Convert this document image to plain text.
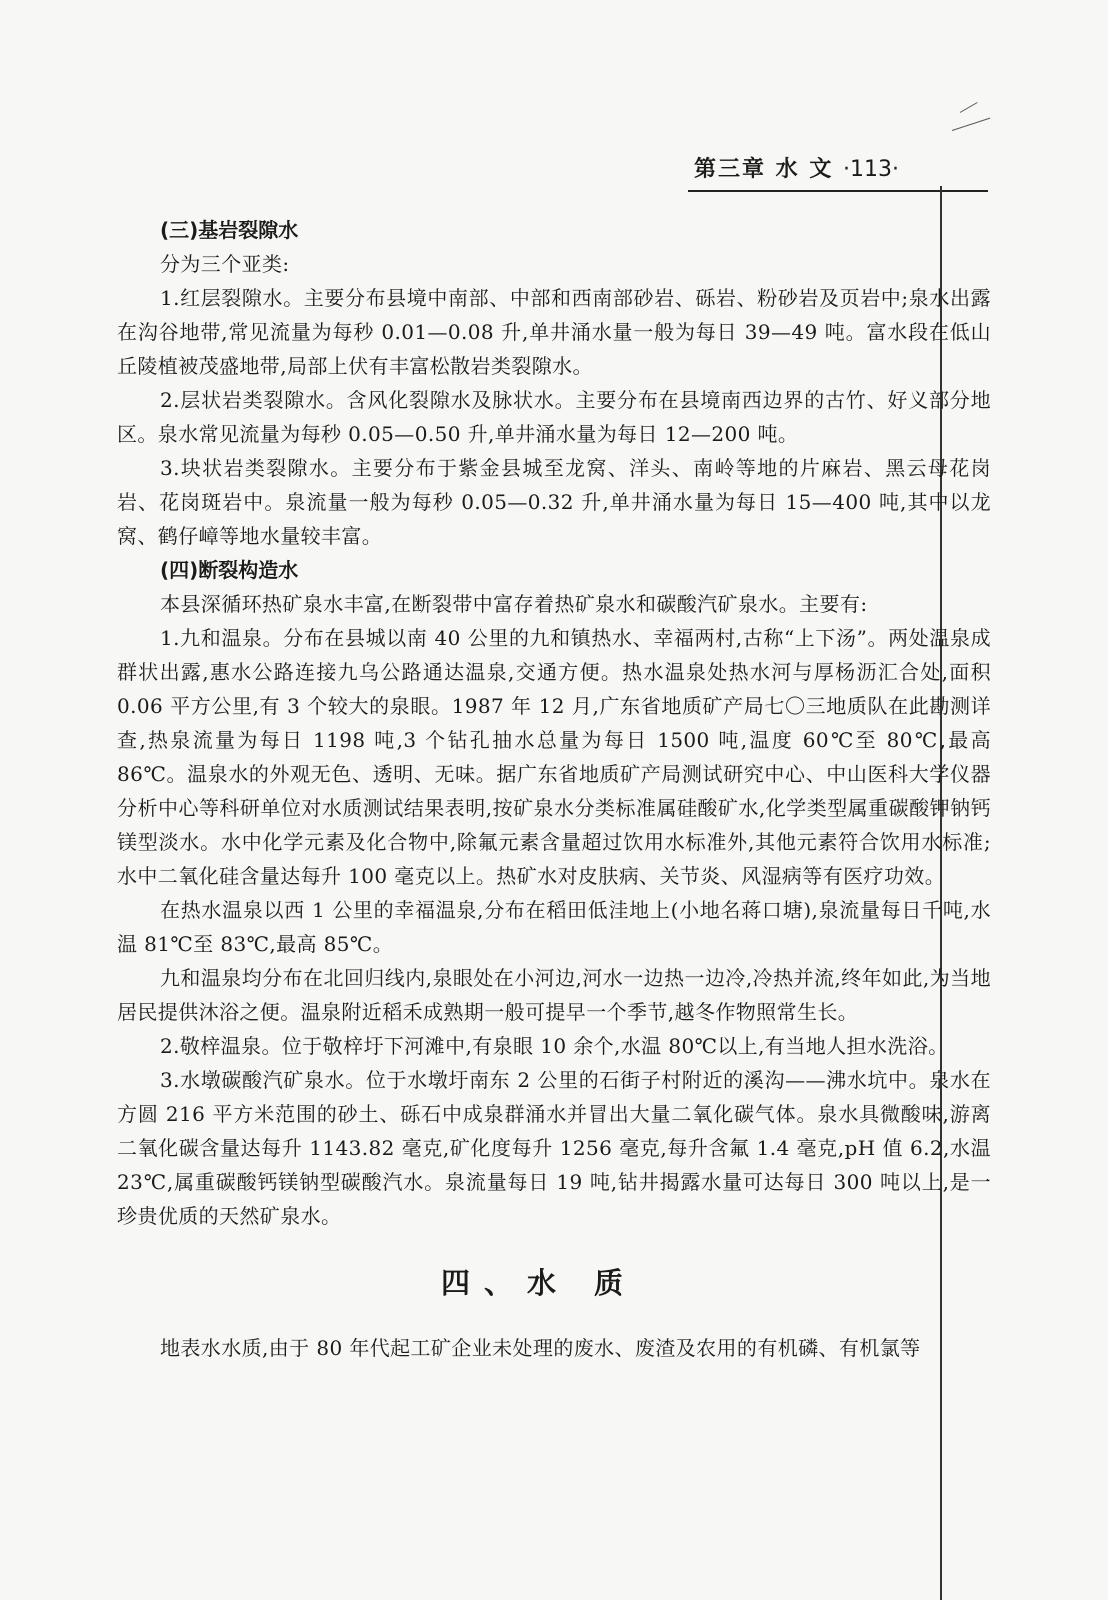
第三章 水 文 ·113·
(三)基岩裂隙水

分为三个亚类:

1.红层裂隙水。主要分布县境中南部、中部和西南部砂岩、砾岩、粉砂岩及页岩中;泉水出露在沟谷地带,常见流量为每秒 0.01—0.08 升,单井涌水量一般为每日 39—49 吨。富水段在低山丘陵植被茂盛地带,局部上伏有丰富松散岩类裂隙水。

2.层状岩类裂隙水。含风化裂隙水及脉状水。主要分布在县境南西边界的古竹、好义部分地区。泉水常见流量为每秒 0.05—0.50 升,单井涌水量为每日 12—200 吨。

3.块状岩类裂隙水。主要分布于紫金县城至龙窝、洋头、南岭等地的片麻岩、黑云母花岗岩、花岗斑岩中。泉流量一般为每秒 0.05—0.32 升,单井涌水量为每日 15—400 吨,其中以龙窝、鹤仔嶂等地水量较丰富。

(四)断裂构造水

本县深循环热矿泉水丰富,在断裂带中富存着热矿泉水和碳酸汽矿泉水。主要有:

1.九和温泉。分布在县城以南 40 公里的九和镇热水、幸福两村,古称“上下汤”。两处温泉成群状出露,惠水公路连接九乌公路通达温泉,交通方便。热水温泉处热水河与厚杨沥汇合处,面积 0.06 平方公里,有 3 个较大的泉眼。1987 年 12 月,广东省地质矿产局七〇三地质队在此勘测详查,热泉流量为每日 1198 吨,3 个钻孔抽水总量为每日 1500 吨,温度 60℃至 80℃,最高 86℃。温泉水的外观无色、透明、无味。据广东省地质矿产局测试研究中心、中山医科大学仪器分析中心等科研单位对水质测试结果表明,按矿泉水分类标准属硅酸矿水,化学类型属重碳酸钾钠钙镁型淡水。水中化学元素及化合物中,除氟元素含量超过饮用水标准外,其他元素符合饮用水标准;水中二氧化硅含量达每升 100 毫克以上。热矿水对皮肤病、关节炎、风湿病等有医疗功效。

在热水温泉以西 1 公里的幸福温泉,分布在稻田低洼地上(小地名蒋口塘),泉流量每日千吨,水温 81℃至 83℃,最高 85℃。

九和温泉均分布在北回归线内,泉眼处在小河边,河水一边热一边冷,冷热并流,终年如此,为当地居民提供沐浴之便。温泉附近稻禾成熟期一般可提早一个季节,越冬作物照常生长。

2.敬梓温泉。位于敬梓圩下河滩中,有泉眼 10 余个,水温 80℃以上,有当地人担水洗浴。

3.水墩碳酸汽矿泉水。位于水墩圩南东 2 公里的石街子村附近的溪沟——沸水坑中。泉水在方圆 216 平方米范围的砂土、砾石中成泉群涌水并冒出大量二氧化碳气体。泉水具微酸味,游离二氧化碳含量达每升 1143.82 毫克,矿化度每升 1256 毫克,每升含氟 1.4 毫克,pH 值 6.2,水温 23℃,属重碳酸钙镁钠型碳酸汽水。泉流量每日 19 吨,钻井揭露水量可达每日 300 吨以上,是一珍贵优质的天然矿泉水。

四、水 质

地表水水质,由于 80 年代起工矿企业未处理的废水、废渣及农用的有机磷、有机氯等
